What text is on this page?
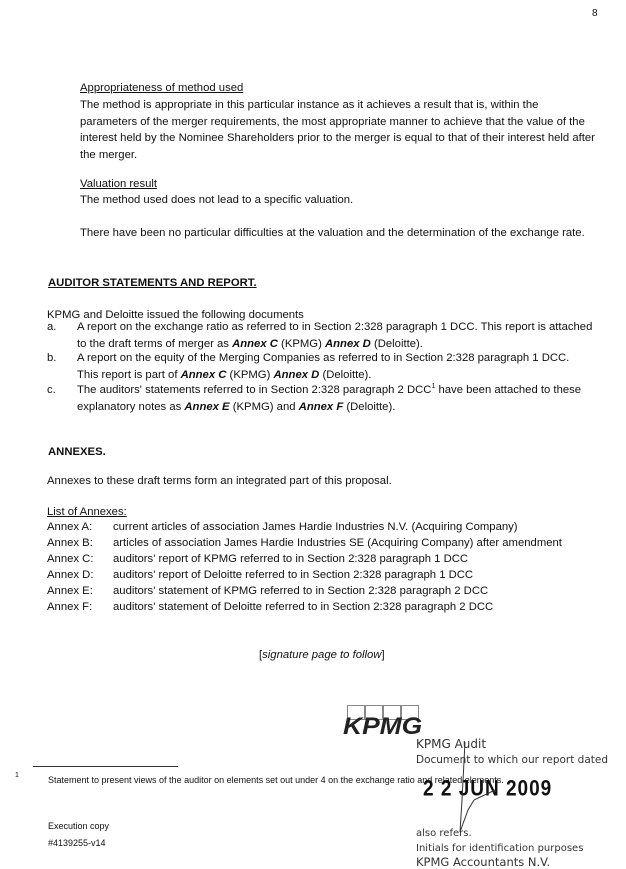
8
Appropriateness of method used
The method is appropriate in this particular instance as it achieves a result that is, within the
parameters of the merger requirements, the most appropriate manner to achieve that the value of the
interest held by the Nominee Shareholders prior to the merger is equal to that of their interest held after
the merger.
Valuation result
The method used does not lead to a specific valuation.
There have been no particular difficulties at the valuation and the determination of the exchange rate.
AUDITOR STATEMENTS AND REPORT.
KPMG and Deloitte issued the following documents
a. A report on the exchange ratio as referred to in Section 2:328 paragraph 1 DCC. This report is attached
to the draft terms of merger as Annex C (KPMG) Annex D (Deloitte).
b. A report on the equity of the Merging Companies as referred to in Section 2:328 paragraph 1 DCC.
This report is part of Annex C (KPMG) Annex D (Deloitte).
c. The auditors' statements referred to in Section 2:328 paragraph 2 DCC$^1$ have been attached to these
explanatory notes as Annex E (KPMG) and Annex F (Deloitte).
ANNEXES.
Annexes to these draft terms form an integrated part of this proposal.
List of Annexes:
Annex A: current articles of association James Hardie Industries N.V. (Acquiring Company)
Annex B: articles of association James Hardie Industries SE (Acquiring Company) after amendment
Annex C: auditors' report of KPMG referred to in Section 2:328 paragraph 1 DCC
Annex D: auditors' report of Deloitte referred to in Section 2:328 paragraph 1 DCC
Annex E: auditors' statement of KPMG referred to in Section 2:328 paragraph 2 DCC
Annex F: auditors' statement of Deloitte referred to in Section 2:328 paragraph 2 DCC
[signature page to follow]
KPMG
KPMG Audit
Document to which our report dated
2 2 JUN 2009
also refers.
Initials for identification purposes
KPMG Accountants N.V.
1	Statement to present views of the auditor on elements set out under 4 on the exchange ratio and related elements.
Execution copy
#4139255-v14
